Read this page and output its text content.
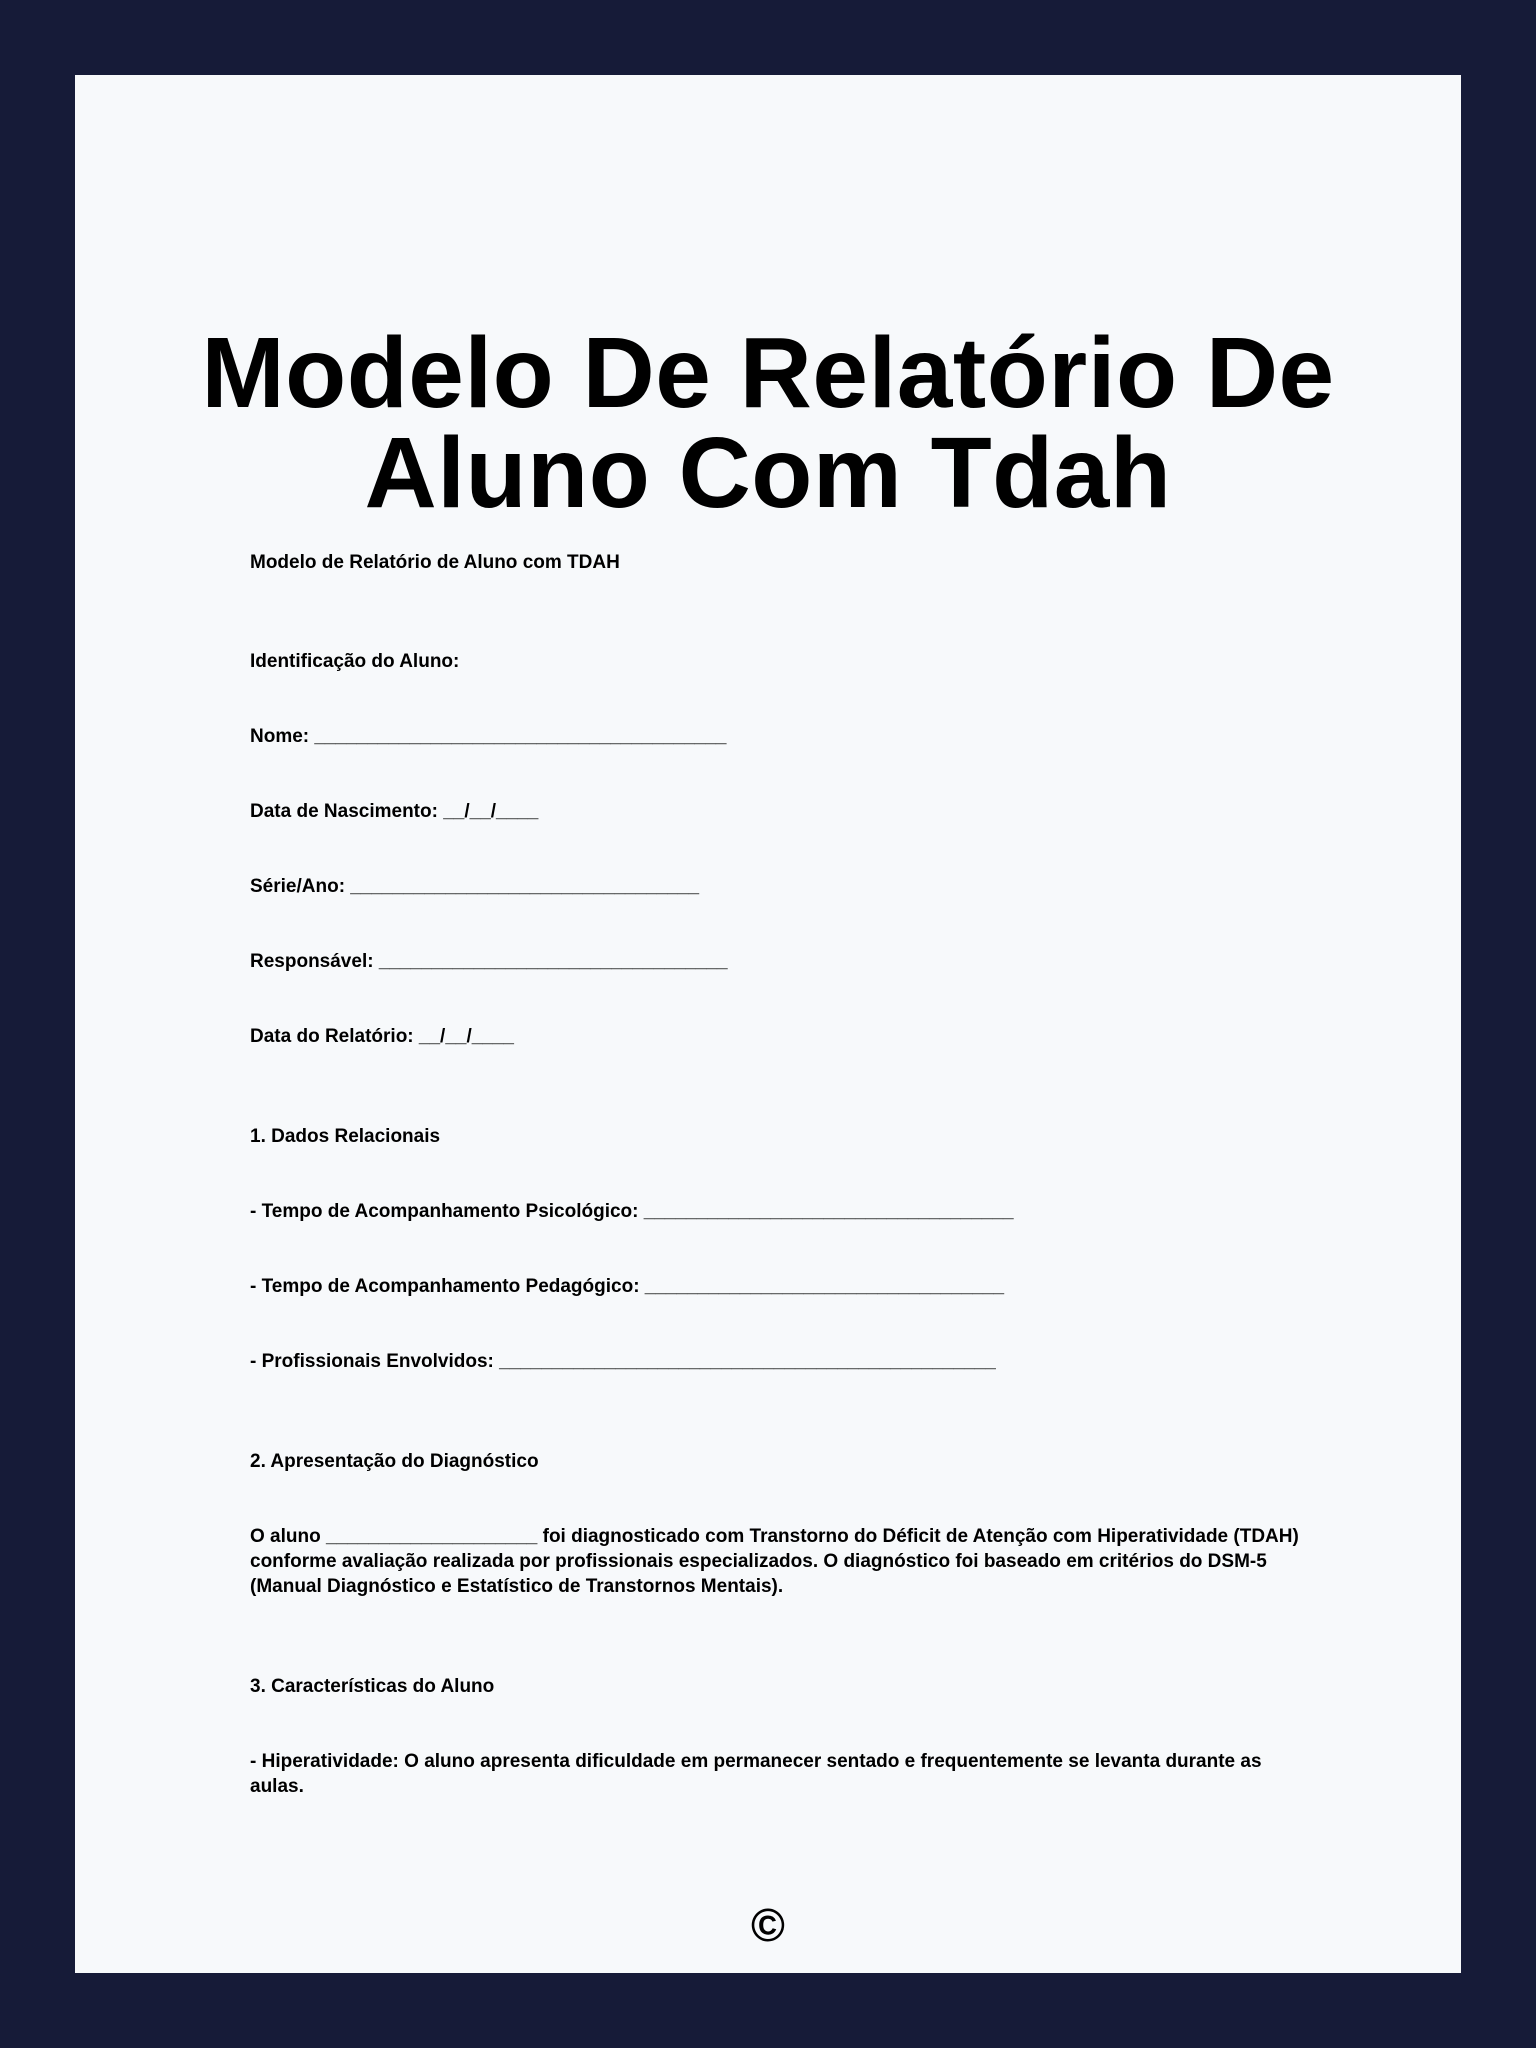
Modelo De Relatório De
Aluno Com Tdah

Modelo de Relatório de Aluno com TDAH

Identificação do Aluno:

Nome: _______________________________________

Data de Nascimento: __/__/____

Série/Ano: _________________________________

Responsável: _________________________________

Data do Relatório: __/__/____

1. Dados Relacionais

- Tempo de Acompanhamento Psicológico: ___________________________________

- Tempo de Acompanhamento Pedagógico: __________________________________

- Profissionais Envolvidos: _______________________________________________

2. Apresentação do Diagnóstico

O aluno ____________________ foi diagnosticado com Transtorno do Déficit de Atenção com Hiperatividade (TDAH) conforme avaliação realizada por profissionais especializados. O diagnóstico foi baseado em critérios do DSM-5 (Manual Diagnóstico e Estatístico de Transtornos Mentais).

3. Características do Aluno

- Hiperatividade: O aluno apresenta dificuldade em permanecer sentado e frequentemente se levanta durante as aulas.

©
